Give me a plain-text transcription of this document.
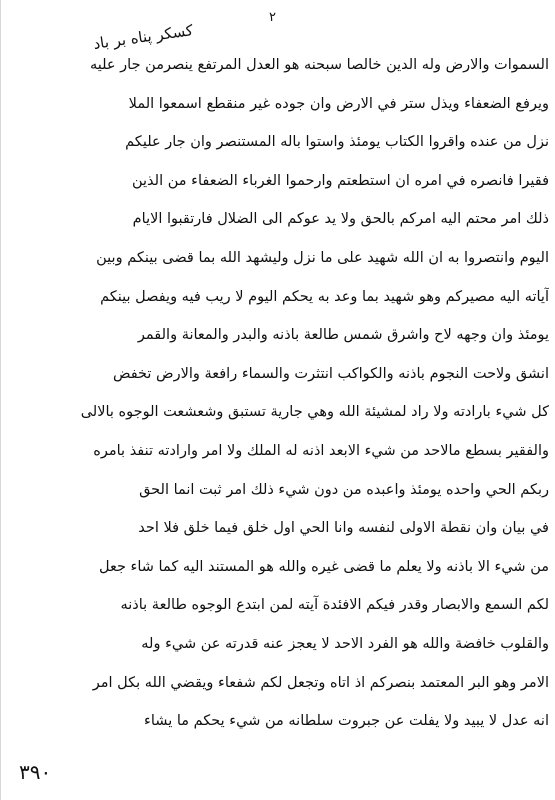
٢
کسکر پناه بر باد
السموات والارض وله الدين خالصا سبحنه هو العدل المرتفع ينصرمن جار عليه
ويرفع الضعفاء ويذل ستر في الارض وان جوده غير منقطع اسمعوا الملا
نزل من عنده واقروا الكتاب يومئذ واستوا باله المستنصر وان جار عليكم
فقيرا فانصره في امره ان استطعتم وارحموا الغرباء الضعفاء من الذين
ذلك امر محتم اليه امركم بالحق ولا يد عوكم الى الضلال فارتقبوا الايام
اليوم وانتصروا به ان الله شهيد على ما نزل وليشهد الله بما قضى بينكم وبين
آياته اليه مصيركم وهو شهيد بما وعد به يحكم اليوم لا ريب فيه ويفصل بينكم
يومئذ وان وجهه لاح واشرق شمس طالعة باذنه والبدر والمعانة والقمر
انشق ولاحت النجوم باذنه والكواكب انتثرت والسماء رافعة والارض تخفض
كل شيء بارادته ولا راد لمشيئة الله وهي جارية تستبق وشعشعت الوجوه بالالى
والفقير بسطع مالاحد من شيء الابعد اذنه له الملك ولا امر وارادته تنفذ بامره
ربكم الحي واحده يومئذ واعبده من دون شيء ذلك امر ثبت انما الحق
في بيان وان نقطة الاولى لنفسه وانا الحي اول خلق فيما خلق فلا احد
من شيء الا باذنه ولا يعلم ما قضى غيره والله هو المستند اليه كما شاء جعل
لكم السمع والابصار وقدر فيكم الافئدة آيته لمن ابتدع الوجوه طالعة باذنه
والقلوب خافضة والله هو الفرد الاحد لا يعجز عنه قدرته عن شيء وله
الامر وهو البر المعتمد بنصركم اذ اتاه وتجعل لكم شفعاء ويقضي الله بكل امر
انه عدل لا يبيد ولا يفلت عن جبروت سلطانه من شيء يحكم ما يشاء
٣٩٠
